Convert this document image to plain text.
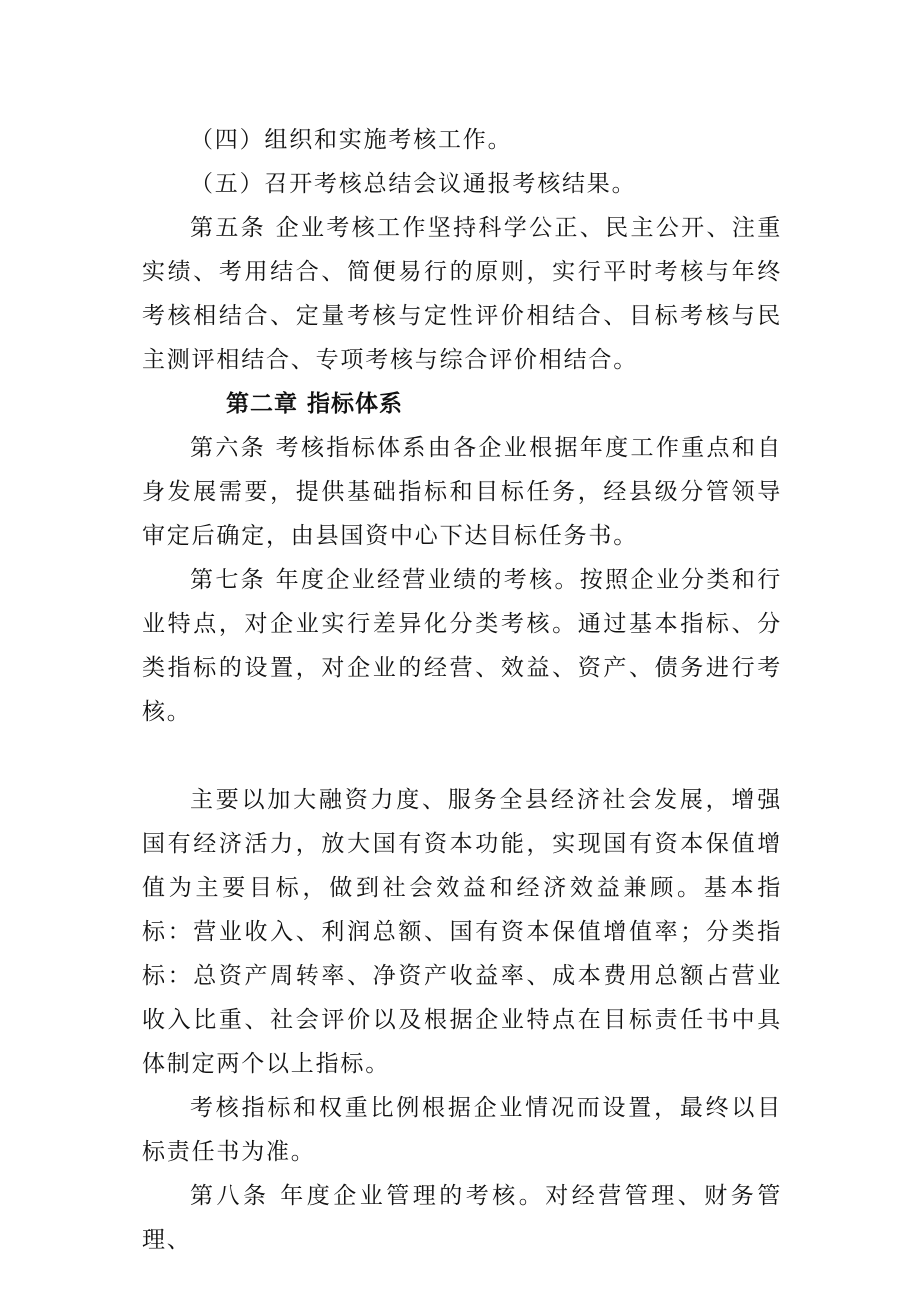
（四）组织和实施考核工作。

（五）召开考核总结会议通报考核结果。

第五条 企业考核工作坚持科学公正、民主公开、注重实绩、考用结合、简便易行的原则，实行平时考核与年终考核相结合、定量考核与定性评价相结合、目标考核与民主测评相结合、专项考核与综合评价相结合。

第二章 指标体系

第六条 考核指标体系由各企业根据年度工作重点和自身发展需要，提供基础指标和目标任务，经县级分管领导审定后确定，由县国资中心下达目标任务书。

第七条 年度企业经营业绩的考核。按照企业分类和行业特点，对企业实行差异化分类考核。通过基本指标、分类指标的设置，对企业的经营、效益、资产、债务进行考核。

主要以加大融资力度、服务全县经济社会发展，增强国有经济活力，放大国有资本功能，实现国有资本保值增值为主要目标，做到社会效益和经济效益兼顾。基本指标：营业收入、利润总额、国有资本保值增值率；分类指标：总资产周转率、净资产收益率、成本费用总额占营业收入比重、社会评价以及根据企业特点在目标责任书中具体制定两个以上指标。

考核指标和权重比例根据企业情况而设置，最终以目标责任书为准。

第八条 年度企业管理的考核。对经营管理、财务管理、
